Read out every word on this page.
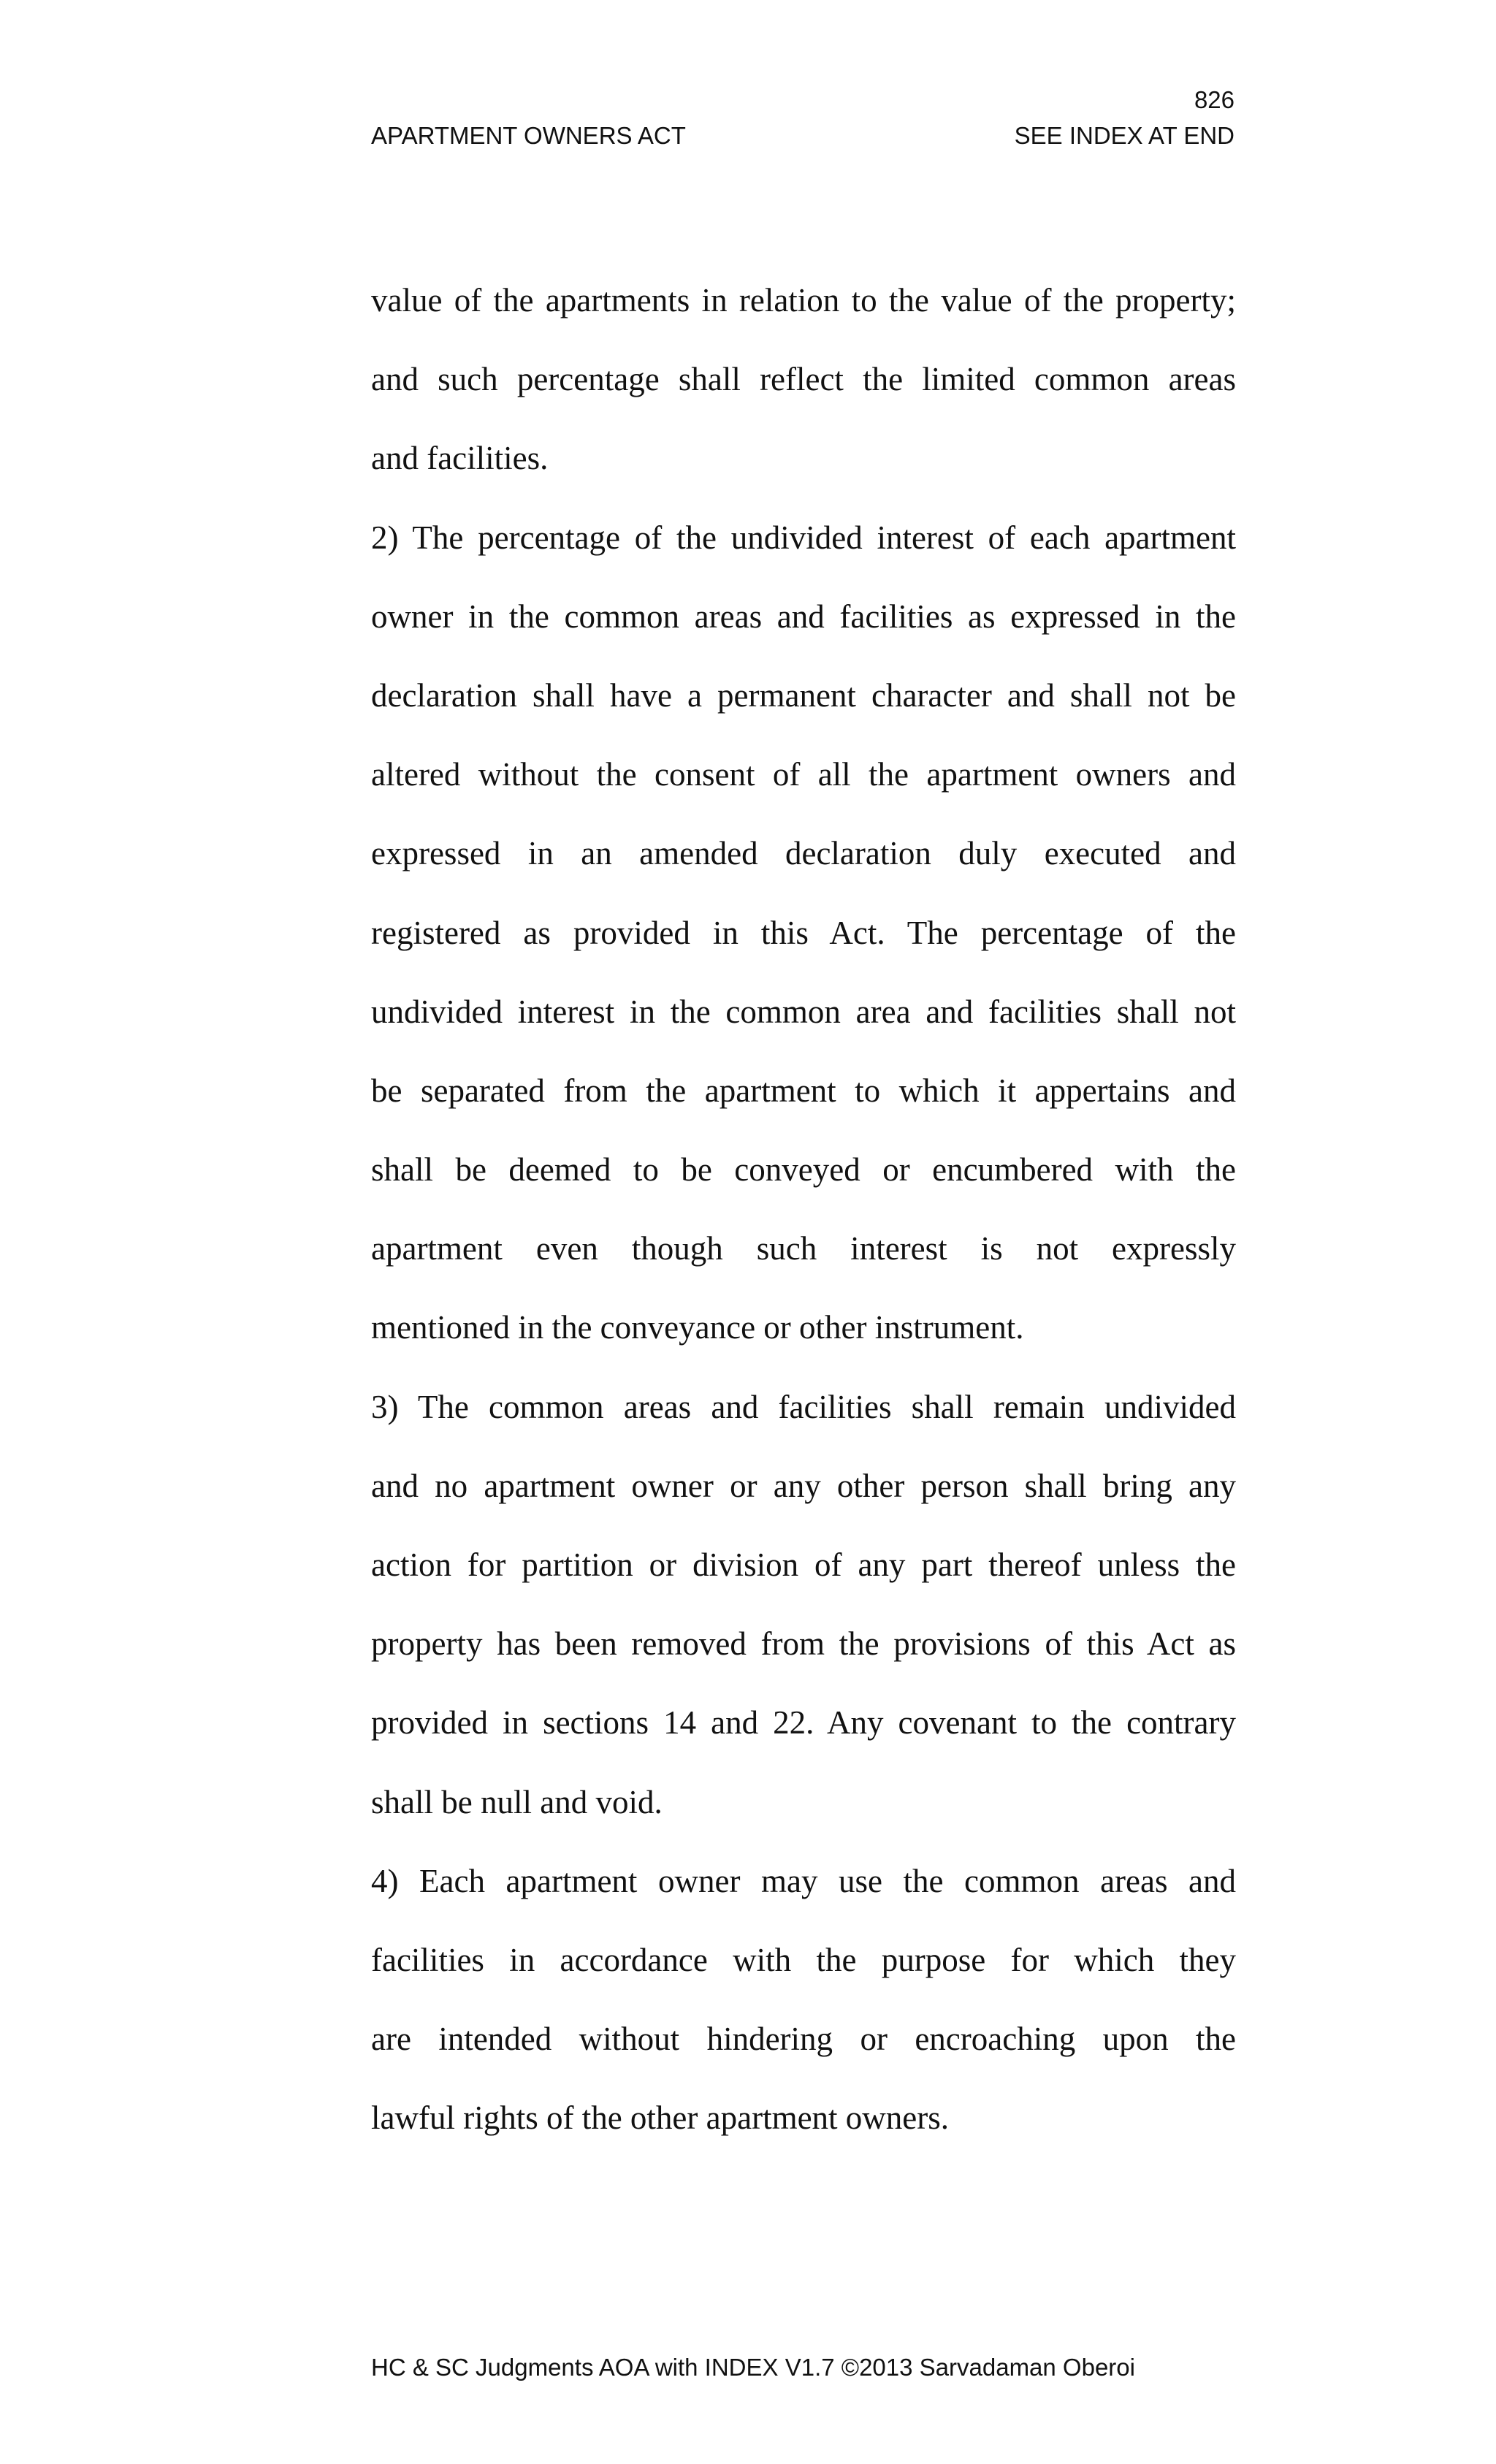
826
APARTMENT OWNERS ACT	SEE INDEX AT END
value of the apartments in relation to the value of the property;
and such percentage shall reflect the limited common areas
and facilities.
2) The percentage of the undivided interest of each apartment
owner in the common areas and facilities as expressed in the
declaration shall have a permanent character and shall not be
altered without the consent of all the apartment owners and
expressed in an amended declaration duly executed and
registered as provided in this Act. The percentage of the
undivided interest in the common area and facilities shall not
be separated from the apartment to which it appertains and
shall be deemed to be conveyed or encumbered with the
apartment even though such interest is not expressly
mentioned in the conveyance or other instrument.
3) The common areas and facilities shall remain undivided
and no apartment owner or any other person shall bring any
action for partition or division of any part thereof unless the
property has been removed from the provisions of this Act as
provided in sections 14 and 22. Any covenant to the contrary
shall be null and void.
4) Each apartment owner may use the common areas and
facilities in accordance with the purpose for which they
are intended without hindering or encroaching upon the
lawful rights of the other apartment owners.
HC & SC Judgments AOA with INDEX V1.7 ©2013 Sarvadaman Oberoi
